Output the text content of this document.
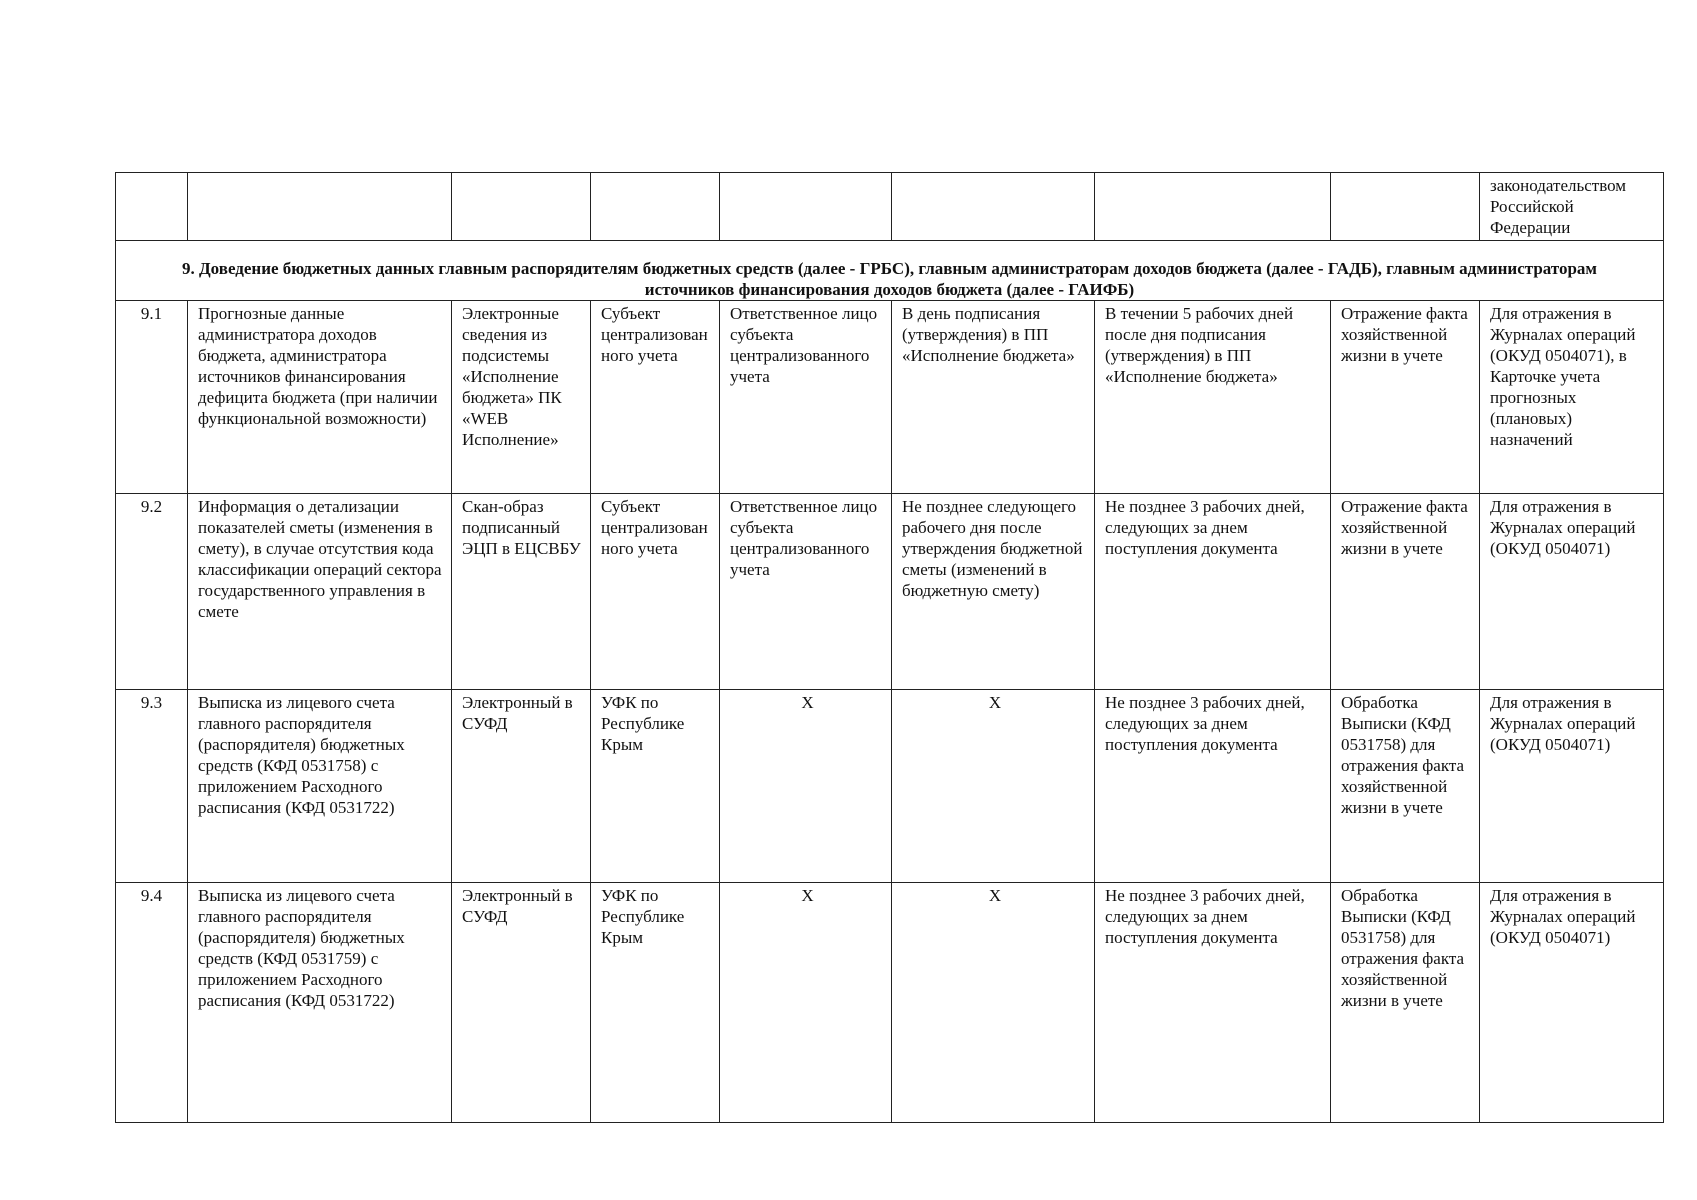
								законодательством Российской Федерации
9. Доведение бюджетных данных главным распорядителям бюджетных средств (далее - ГРБС), главным администраторам доходов бюджета (далее - ГАДБ), главным администраторам источников финансирования доходов бюджета (далее - ГАИФБ)								
9.1	Прогнозные данные администратора доходов бюджета, администратора источников финансирования дефицита бюджета (при наличии функциональной возможности)	Электронные сведения из подсистемы «Исполнение бюджета» ПК «WEB Исполнение»	Субъект централизованного учета	Ответственное лицо субъекта централизованного учета	В день подписания (утверждения) в ПП «Исполнение бюджета»	В течении 5 рабочих дней после дня подписания (утверждения) в ПП «Исполнение бюджета»	Отражение факта хозяйственной жизни в учете	Для отражения в Журналах операций (ОКУД 0504071), в Карточке учета прогнозных (плановых) назначений
9.2	Информация о детализации показателей сметы (изменения в смету), в случае отсутствия кода классификации операций сектора государственного управления в смете	Скан-образ подписанный ЭЦП в ЕЦСВБУ	Субъект централизованного учета	Ответственное лицо субъекта централизованного учета	Не позднее следующего рабочего дня после утверждения бюджетной сметы (изменений в бюджетную смету)	Не позднее 3 рабочих дней, следующих за днем поступления документа	Отражение факта хозяйственной жизни в учете	Для отражения в Журналах операций (ОКУД 0504071)
9.3	Выписка из лицевого счета главного распорядителя (распорядителя) бюджетных средств (КФД 0531758) с приложением Расходного расписания (КФД 0531722)	Электронный в СУФД	УФК по Республике Крым	Х	Х	Не позднее 3 рабочих дней, следующих за днем поступления документа	Обработка Выписки (КФД 0531758) для отражения факта хозяйственной жизни в учете	Для отражения в Журналах операций (ОКУД 0504071)
9.4	Выписка из лицевого счета главного распорядителя (распорядителя) бюджетных средств (КФД 0531759) с приложением Расходного расписания (КФД 0531722)	Электронный в СУФД	УФК по Республике Крым	Х	Х	Не позднее 3 рабочих дней, следующих за днем поступления документа	Обработка Выписки (КФД 0531758) для отражения факта хозяйственной жизни в учете	Для отражения в Журналах операций (ОКУД 0504071)
